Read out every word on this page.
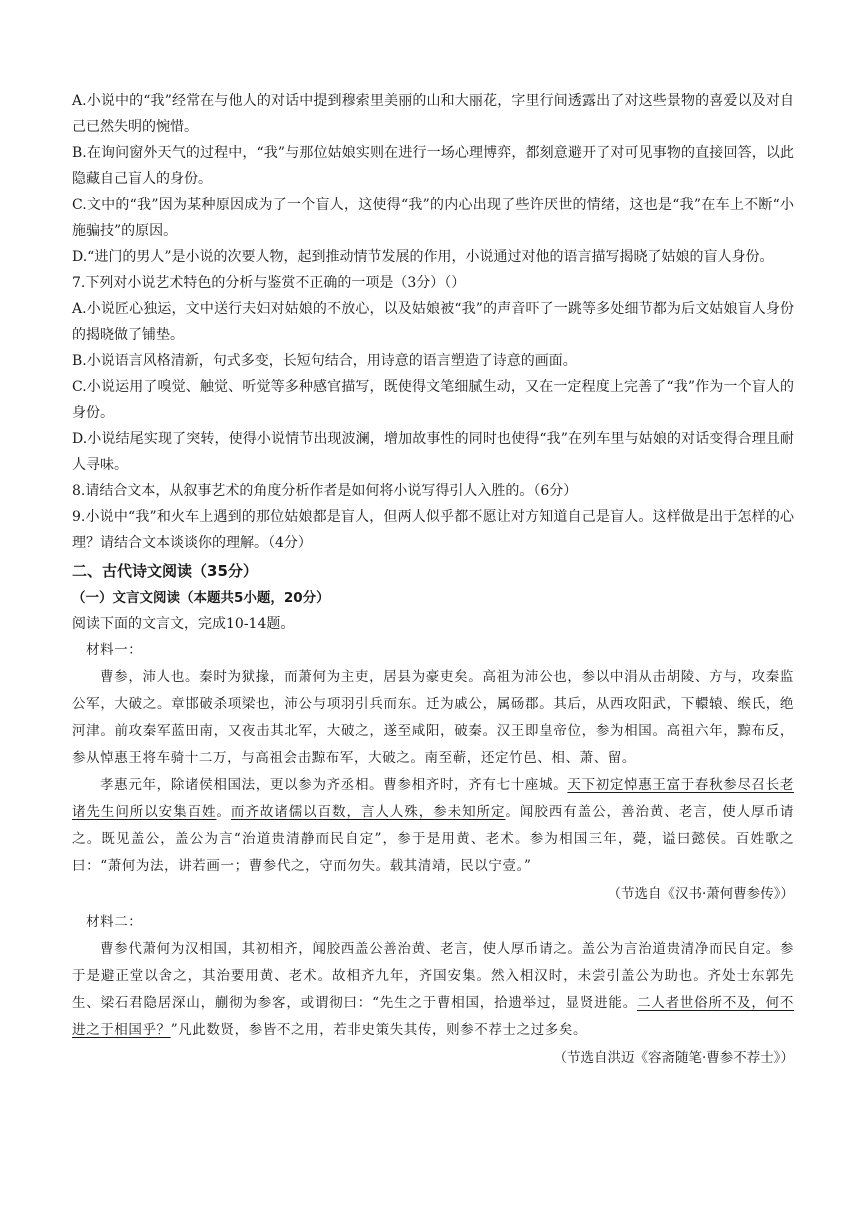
A.小说中的“我”经常在与他人的对话中提到穆索里美丽的山和大丽花，字里行间透露出了对这些景物的喜爱以及对自己已然失明的惋惜。

B.在询问窗外天气的过程中，“我”与那位姑娘实则在进行一场心理博弈，都刻意避开了对可见事物的直接回答，以此隐藏自己盲人的身份。

C.文中的“我”因为某种原因成为了一个盲人，这使得“我”的内心出现了些许厌世的情绪，这也是“我”在车上不断“小施骗技”的原因。

D.“进门的男人”是小说的次要人物，起到推动情节发展的作用，小说通过对他的语言描写揭晓了姑娘的盲人身份。

7.下列对小说艺术特色的分析与鉴赏不正确的一项是（3分）（）

A.小说匠心独运，文中送行夫妇对姑娘的不放心，以及姑娘被“我”的声音吓了一跳等多处细节都为后文姑娘盲人身份的揭晓做了铺垫。

B.小说语言风格清新，句式多变，长短句结合，用诗意的语言塑造了诗意的画面。

C.小说运用了嗅觉、触觉、听觉等多种感官描写，既使得文笔细腻生动，又在一定程度上完善了“我”作为一个盲人的身份。

D.小说结尾实现了突转，使得小说情节出现波澜，增加故事性的同时也使得“我”在列车里与姑娘的对话变得合理且耐人寻味。

8.请结合文本，从叙事艺术的角度分析作者是如何将小说写得引人入胜的。（6分）

9.小说中“我”和火车上遇到的那位姑娘都是盲人，但两人似乎都不愿让对方知道自己是盲人。这样做是出于怎样的心理？请结合文本谈谈你的理解。（4分）

二、古代诗文阅读（35分）

（一）文言文阅读（本题共5小题，20分）

阅读下面的文言文，完成10-14题。

材料一：

曹参，沛人也。秦时为狱掾，而萧何为主吏，居县为豪吏矣。高祖为沛公也，参以中涓从击胡陵、方与，攻秦监公军，大破之。章邯破杀项梁也，沛公与项羽引兵而东。迁为戚公，属砀郡。其后，从西攻阳武，下轘辕、缑氏，绝河津。前攻秦军蓝田南，又夜击其北军，大破之，遂至咸阳，破秦。汉王即皇帝位，参为相国。高祖六年，黥布反，参从悼惠王将车骑十二万，与高祖会击黥布军，大破之。南至蕲，还定竹邑、相、萧、留。

孝惠元年，除诸侯相国法，更以参为齐丞相。曹参相齐时，齐有七十座城。天下初定悼惠王富于春秋参尽召长老诸先生问所以安集百姓。而齐故诸儒以百数，言人人殊，参未知所定。闻胶西有盖公，善治黄、老言，使人厚币请之。既见盖公，盖公为言“治道贵清静而民自定”，参于是用黄、老术。参为相国三年，薨，谥曰懿侯。百姓歌之曰：“萧何为法，讲若画一；曹参代之，守而勿失。载其清靖，民以宁壹。”

（节选自《汉书·萧何曹参传》）

材料二：

曹参代萧何为汉相国，其初相齐，闻胶西盖公善治黄、老言，使人厚币请之。盖公为言治道贵清净而民自定。参于是避正堂以舍之，其治要用黄、老术。故相齐九年，齐国安集。然入相汉时，未尝引盖公为助也。齐处士东郭先生、梁石君隐居深山，蒯彻为参客，或谓彻曰：“先生之于曹相国，拾遗举过，显贤进能。二人者世俗所不及，何不进之于相国乎？”凡此数贤，参皆不之用，若非史策失其传，则参不荐士之过多矣。

（节选自洪迈《容斋随笔·曹参不荐士》）
